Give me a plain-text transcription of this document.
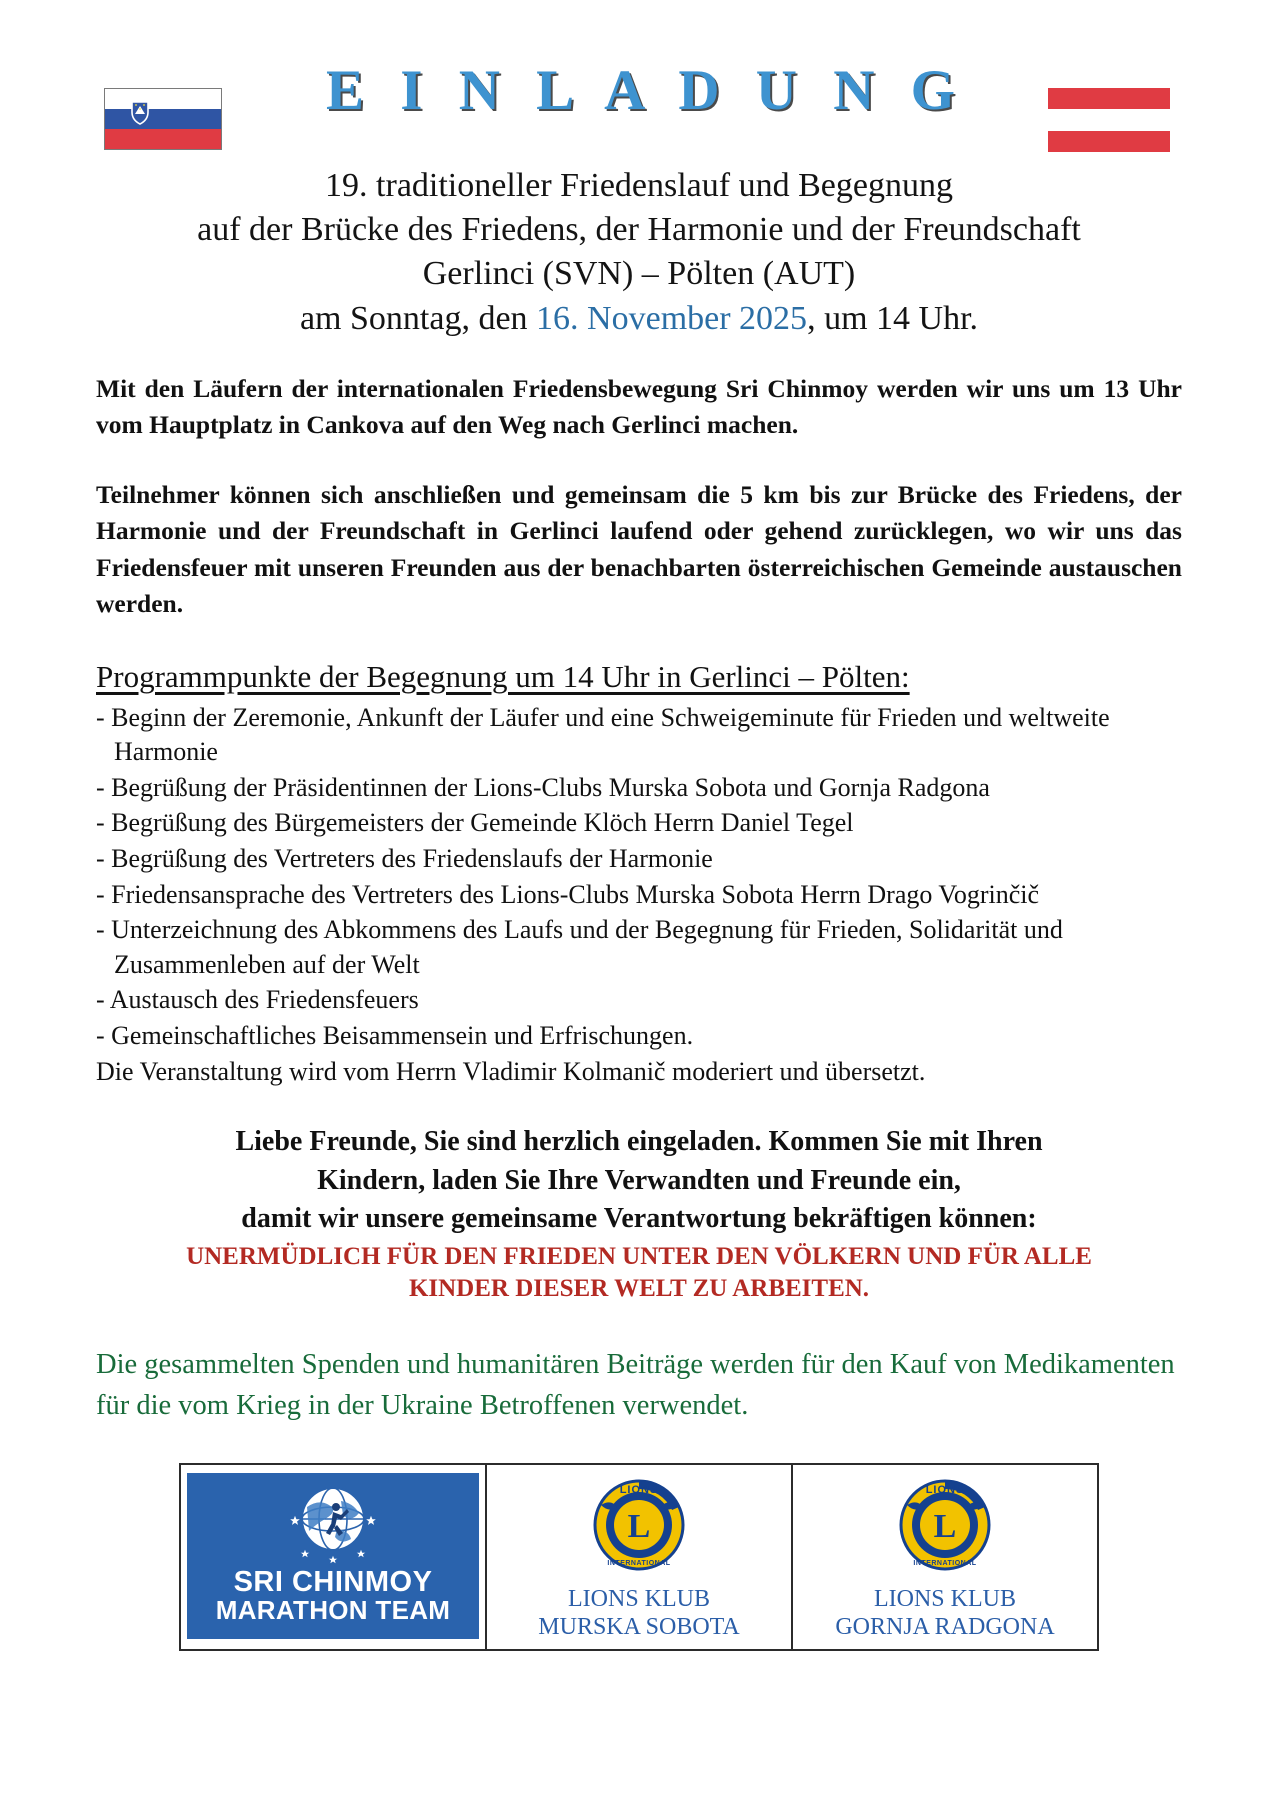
E I N L A D U N G
19. traditioneller Friedenslauf und Begegnung
auf der Brücke des Friedens, der Harmonie und der Freundschaft
Gerlinci (SVN) – Pölten (AUT)
am Sonntag, den 16. November 2025, um 14 Uhr.

Mit den Läufern der internationalen Friedensbewegung Sri Chinmoy werden wir uns um 13 Uhr vom Hauptplatz in Cankova auf den Weg nach Gerlinci machen.

Teilnehmer können sich anschließen und gemeinsam die 5 km bis zur Brücke des Friedens, der Harmonie und der Freundschaft in Gerlinci laufend oder gehend zurücklegen, wo wir uns das Friedensfeuer mit unseren Freunden aus der benachbarten österreichischen Gemeinde austauschen werden.

Programmpunkte der Begegnung um 14 Uhr in Gerlinci – Pölten:
- Beginn der Zeremonie, Ankunft der Läufer und eine Schweigeminute für Frieden und weltweite Harmonie
- Begrüßung der Präsidentinnen der Lions-Clubs Murska Sobota und Gornja Radgona
- Begrüßung des Bürgemeisters der Gemeinde Klöch Herrn Daniel Tegel
- Begrüßung des Vertreters des Friedenslaufs der Harmonie
- Friedensansprache des Vertreters des Lions-Clubs Murska Sobota Herrn Drago Vogrinčič
- Unterzeichnung des Abkommens des Laufs und der Begegnung für Frieden, Solidarität und Zusammenleben auf der Welt
- Austausch des Friedensfeuers
- Gemeinschaftliches Beisammensein und Erfrischungen.

Die Veranstaltung wird vom Herrn Vladimir Kolmanič moderiert und übersetzt.

Liebe Freunde, Sie sind herzlich eingeladen. Kommen Sie mit Ihren
Kindern, laden Sie Ihre Verwandten und Freunde ein,
damit wir unsere gemeinsame Verantwortung bekräftigen können:
UNERMÜDLICH FÜR DEN FRIEDEN UNTER DEN VÖLKERN UND FÜR ALLE
KINDER DIESER WELT ZU ARBEITEN.

Die gesammelten Spenden und humanitären Beiträge werden für den Kauf von Medikamenten für die vom Krieg in der Ukraine Betroffenen verwendet.

SRI CHINMOY
MARATHON TEAM
L
LIONS
INTERNATIONAL
LIONS KLUB
MURSKA SOBOTA
L
LIONS
INTERNATIONAL
LIONS KLUB
GORNJA RADGONA
